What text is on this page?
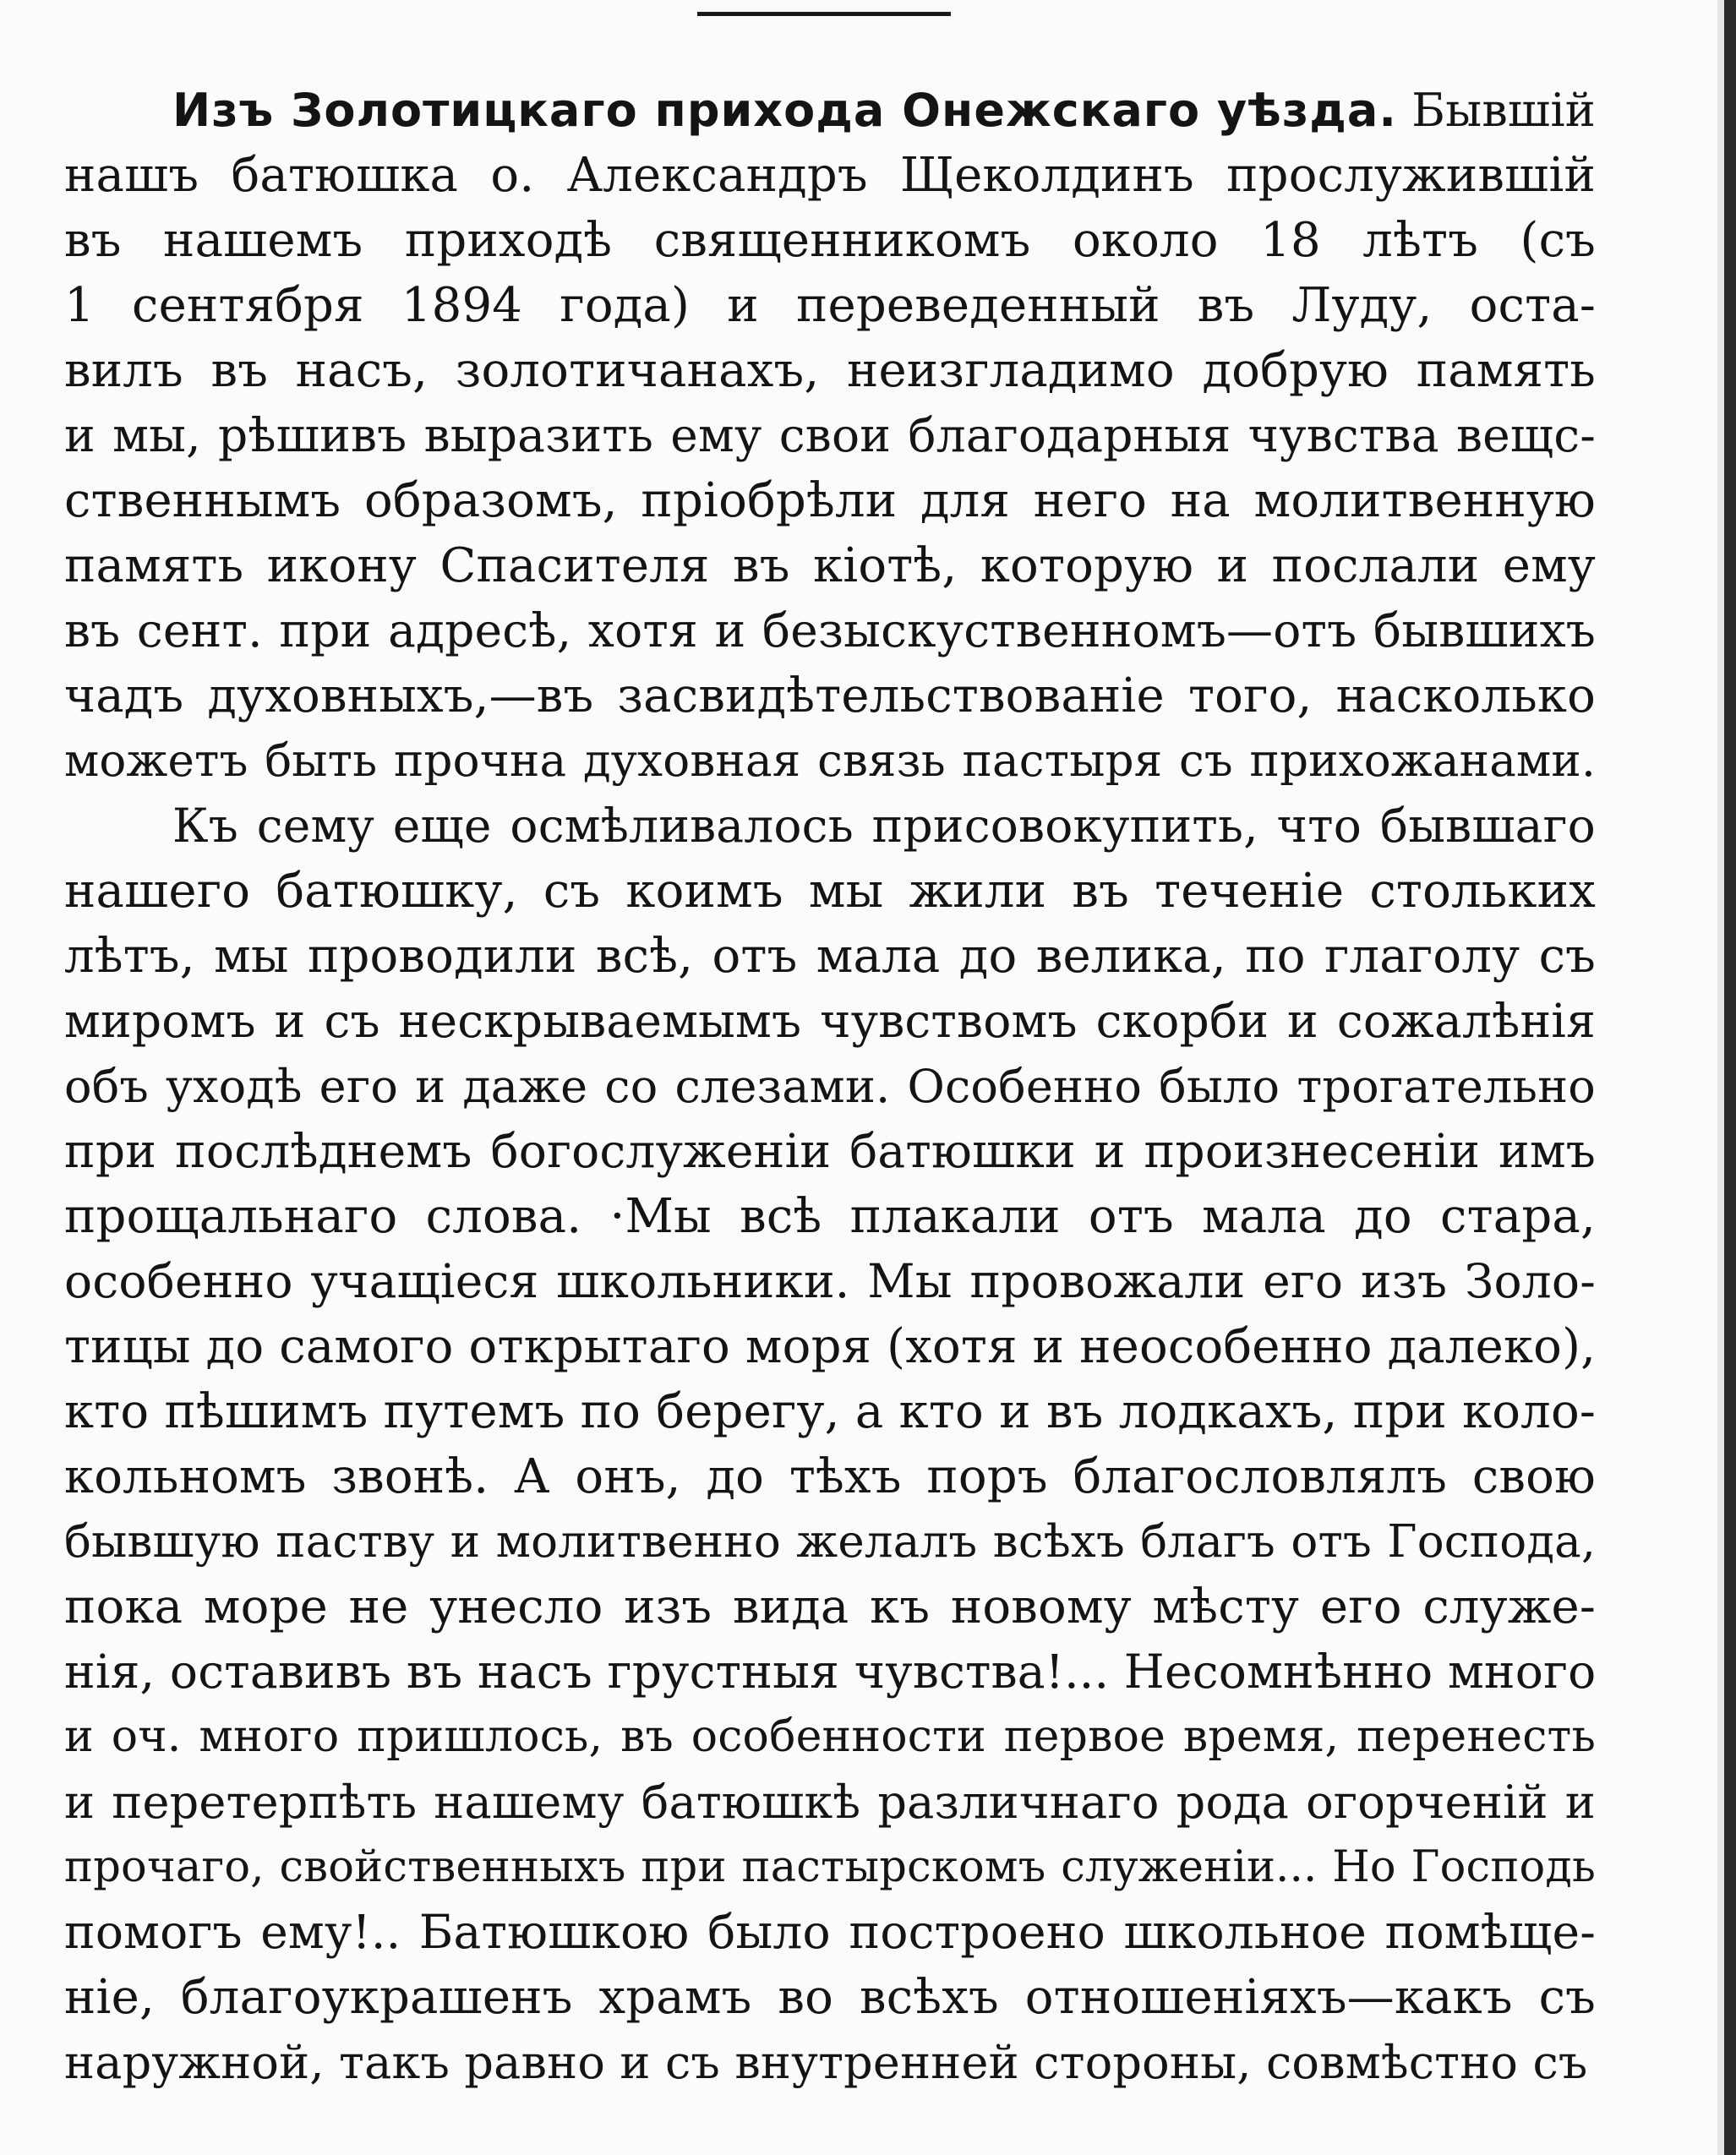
Изъ Золотицкаго прихода Онежскаго уѣзда. Бывшій
нашъ батюшка о. Александръ Щеколдинъ прослужившій
въ нашемъ приходѣ священникомъ около 18 лѣтъ (съ
1 сентября 1894 года) и переведенный въ Луду, оста-
вилъ въ насъ, золотичанахъ, неизгладимо добрую память
и мы, рѣшивъ выразить ему свои благодарныя чувства вещс-
ственнымъ образомъ, пріобрѣли для него на молитвенную
память икону Спасителя въ кіотѣ, которую и послали ему
въ сент. при адресѣ, хотя и безыскуственномъ—отъ бывшихъ
чадъ духовныхъ,—въ засвидѣтельствованіе того, насколько
можетъ быть прочна духовная связь пастыря съ прихожанами.
Къ сему еще осмѣливалось присовокупить, что бывшаго
нашего батюшку, съ коимъ мы жили въ теченіе стольких
лѣтъ, мы проводили всѣ, отъ мала до велика, по глаголу съ
миромъ и съ нескрываемымъ чувствомъ скорби и сожалѣнія
объ уходѣ его и даже со слезами. Особенно было трогательно
при послѣднемъ богослуженіи батюшки и произнесеніи имъ
прощальнаго слова. ·Мы всѣ плакали отъ мала до стара,
особенно учащіеся школьники. Мы провожали его изъ Золо-
тицы до самого открытаго моря (хотя и неособенно далеко),
кто пѣшимъ путемъ по берегу, а кто и въ лодкахъ, при коло-
кольномъ звонѣ. А онъ, до тѣхъ поръ благословлялъ свою
бывшую паству и молитвенно желалъ всѣхъ благъ отъ Господа,
пока море не унесло изъ вида къ новому мѣсту его служе-
нія, оставивъ въ насъ грустныя чувства!... Несомнѣнно много
и оч. много пришлось, въ особенности первое время, перенесть
и перетерпѣть нашему батюшкѣ различнаго рода огорченій и
прочаго, свойственныхъ при пастырскомъ служеніи... Но Господь
помогъ ему!.. Батюшкою было построено школьное помѣще-
ніе, благоукрашенъ храмъ во всѣхъ отношеніяхъ—какъ съ
наружной, такъ равно и съ внутренней стороны, совмѣстно съ
